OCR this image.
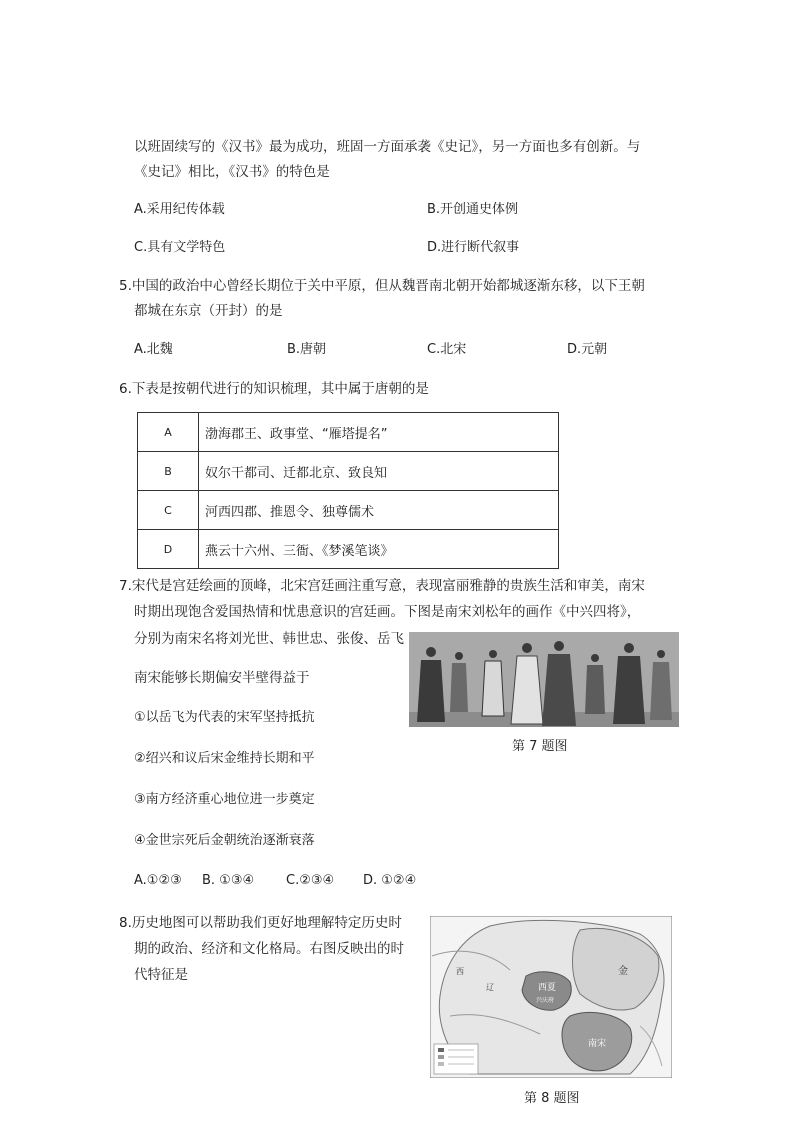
以班固续写的《汉书》最为成功，班固一方面承袭《史记》，另一方面也多有创新。与
《史记》相比，《汉书》的特色是
A.采用纪传体载	B.开创通史体例
C.具有文学特色	D.进行断代叙事
5.中国的政治中心曾经长期位于关中平原，但从魏晋南北朝开始都城逐渐东移，以下王朝
都城在东京（开封）的是
A.北魏	B.唐朝	C.北宋	D.元朝
6.下表是按朝代进行的知识梳理，其中属于唐朝的是
A	渤海郡王、政事堂、“雁塔提名”
B	奴尔干都司、迁都北京、致良知
C	河西四郡、推恩令、独尊儒术
D	燕云十六州、三衙、《梦溪笔谈》
7.宋代是宫廷绘画的顶峰，北宋宫廷画注重写意，表现富丽雅静的贵族生活和审美，南宋
时期出现饱含爱国热情和忧患意识的宫廷画。下图是南宋刘松年的画作《中兴四将》，
分别为南宋名将刘光世、韩世忠、张俊、岳飞
南宋能够长期偏安半壁得益于
①以岳飞为代表的宋军坚持抵抗
②绍兴和议后宋金维持长期和平
③南方经济重心地位进一步奠定
④金世宗死后金朝统治逐渐衰落
A.①②③ B. ①③④ C.②③④ D. ①②④
第 7 题图
8.历史地图可以帮助我们更好地理解特定历史时
期的政治、经济和文化格局。右图反映出的时
代特征是
西夏
兴庆府
南宋
金
西
辽
第 8 题图
